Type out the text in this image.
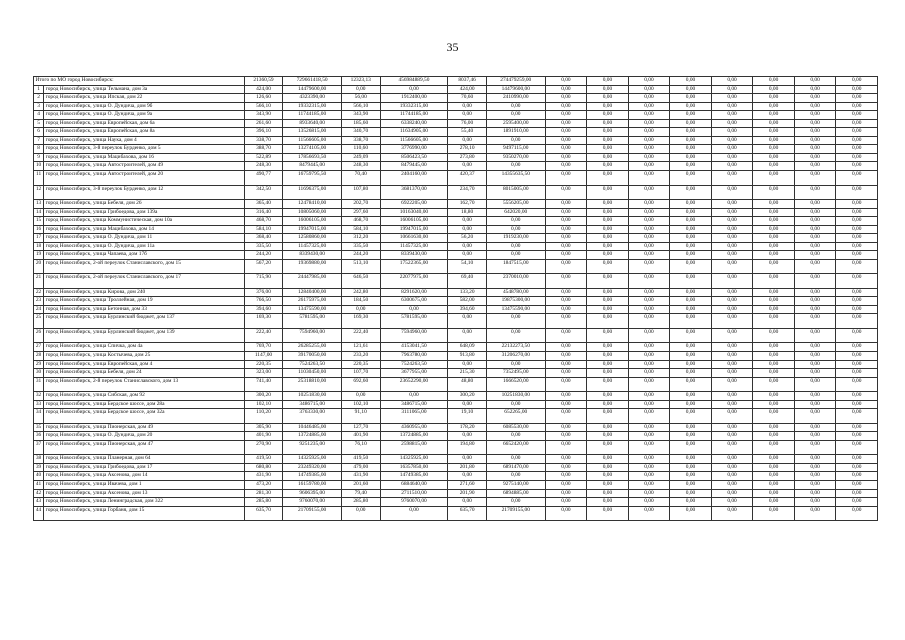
35
Итого по МО город Новосибирск:		21360,59	729661418,50	12323,13	456984889,50	8037,46	274479259,00	0,00	0,00	0,00	0,00	0,00	0,00	0,00	0,00
1	город Новосибирск, улица Тельмана, дом 3а	424,00	14479600,00	0,00	0,00	424,00	14479600,00	0,00	0,00	0,00	0,00	0,00	0,00	0,00	0,00
2	город Новосибирск, улица Ипская, дом 22	126,60	4323390,00	56,00	1912400,00	70,60	2410990,00	0,00	0,00	0,00	0,00	0,00	0,00	0,00	0,00
3	город Новосибирск, улица О. Дундича, дом 9б	566,10	19332315,00	566,10	19332315,00	0,00	0,00	0,00	0,00	0,00	0,00	0,00	0,00	0,00	0,00
4	город Новосибирск, улица О. Дундича, дом 9а	343,90	11744185,00	343,90	11744185,00	0,00	0,00	0,00	0,00	0,00	0,00	0,00	0,00	0,00	0,00
5	город Новосибирск, улица Европейская, дом 6а	261,60	8933640,00	185,60	6338240,00	76,00	2595400,00	0,00	0,00	0,00	0,00	0,00	0,00	0,00	0,00
6	город Новосибирск, улица Европейская, дом 8а	396,10	13526815,00	340,70	11634905,00	55,40	1891910,00	0,00	0,00	0,00	0,00	0,00	0,00	0,00	0,00
7	город Новосибирск, улица Наука, дом 4	338,70	11566605,00	338,70	11566605,00	0,00	0,00	0,00	0,00	0,00	0,00	0,00	0,00	0,00	0,00
8	город Новосибирск, 3-й переулок Бурденко, дом 5	388,70	13274105,00	110,60	3776990,00	278,10	9497115,00	0,00	0,00	0,00	0,00	0,00	0,00	0,00	0,00
9	город Новосибирск, улица Мацибахова, дом 16	522,89	17856693,50	249,09	8506423,50	273,80	9350270,00	0,00	0,00	0,00	0,00	0,00	0,00	0,00	0,00
10	город Новосибирск, улица Автостроителей, дом 49	248,30	8479445,00	248,30	8479445,00	0,00	0,00	0,00	0,00	0,00	0,00	0,00	0,00	0,00	0,00
11	город Новосибирск, улица Автостроителей, дом 20	490,77	16759795,50	70,40	2404160,00	420,37	14355635,50	0,00	0,00	0,00	0,00	0,00	0,00	0,00	0,00
12	город Новосибирск, 3-й переулок Бурденко, дом 12	342,50	11696375,00	107,80	3681370,00	234,70	8015005,00	0,00	0,00	0,00	0,00	0,00	0,00	0,00	0,00
13	город Новосибирск, улица Бебеля, дом 26	365,40	12478410,00	202,70	6922205,00	162,70	5556205,00	0,00	0,00	0,00	0,00	0,00	0,00	0,00	0,00
14	город Новосибирск, улица Грибоедова, дом 139а	316,40	10805060,00	297,60	10163040,00	18,80	642020,00	0,00	0,00	0,00	0,00	0,00	0,00	0,00	0,00
15	город Новосибирск, улица Коммунистическая, дом 10а	468,70	16006105,00	468,70	16006105,00	0,00	0,00	0,00	0,00	0,00	0,00	0,00	0,00	0,00	0,00
16	город Новосибирск, улица Мацибахова, дом 14	584,10	19947015,00	584,10	19947015,00	0,00	0,00	0,00	0,00	0,00	0,00	0,00	0,00	0,00	0,00
17	город Новосибирск, улица О. Дундича, дом 11	368,40	12580860,00	312,20	10661630,00	56,20	1919230,00	0,00	0,00	0,00	0,00	0,00	0,00	0,00	0,00
18	город Новосибирск, улица О. Дундича, дом 11а	335,50	11457325,00	335,50	11457325,00	0,00	0,00	0,00	0,00	0,00	0,00	0,00	0,00	0,00	0,00
19	город Новосибирск, улица Чапаева, дом 17б	244,20	8339430,00	244,20	8339430,00	0,00	0,00	0,00	0,00	0,00	0,00	0,00	0,00	0,00	0,00
20	город Новосибирск, 2-ой переулок Станиславского, дом 15	567,20	19369880,00	513,10	17522365,00	54,10	1847515,00	0,00	0,00	0,00	0,00	0,00	0,00	0,00	0,00
21	город Новосибирск, 2-ой переулок Станиславского, дом 17	715,90	24447985,00	646,50	22077975,00	69,40	2370010,00	0,00	0,00	0,00	0,00	0,00	0,00	0,00	0,00
22	город Новосибирск, улица Кирова, дом 240	376,00	12840400,00	242,80	8291620,00	133,20	4548780,00	0,00	0,00	0,00	0,00	0,00	0,00	0,00	0,00
23	город Новосибирск, улица Троллейная, дом 19	766,50	26175975,00	184,50	6300675,00	582,00	19875300,00	0,00	0,00	0,00	0,00	0,00	0,00	0,00	0,00
24	город Новосибирск, улица Бетонная, дом 33	394,60	13475590,00	0,00	0,00	394,60	13475590,00	0,00	0,00	0,00	0,00	0,00	0,00	0,00	0,00
25	город Новосибирск, улица Бурлинский бюджет, дом 137	169,30	5781595,00	169,30	5781595,00	0,00	0,00	0,00	0,00	0,00	0,00	0,00	0,00	0,00	0,00
26	город Новосибирск, улица Бурлинский бюджет, дом 139	222,40	7594960,00	222,40	7594960,00	0,00	0,00	0,00	0,00	0,00	0,00	0,00	0,00	0,00	0,00
27	город Новосибирск, улица Спичка, дом 4а	769,70	26285255,00	121,61	4153041,50	648,09	22132273,50	0,00	0,00	0,00	0,00	0,00	0,00	0,00	0,00
28	город Новосибирск, улица Костычева, дом 25	1147,00	39170050,00	233,20	7963780,00	913,80	31206270,00	0,00	0,00	0,00	0,00	0,00	0,00	0,00	0,00
29	город Новосибирск, улица Европейская, дом 4	220,35	7524263,50	220,35	7524263,50	0,00	0,00	0,00	0,00	0,00	0,00	0,00	0,00	0,00	0,00
30	город Новосибирск, улица Бебеля, дом 24	323,00	11030450,00	107,70	3677955,00	215,30	7352495,00	0,00	0,00	0,00	0,00	0,00	0,00	0,00	0,00
31	город Новосибирск, 2-й переулок Станиславского, дом 13	741,40	25318810,00	692,60	23652290,00	48,80	1666520,00	0,00	0,00	0,00	0,00	0,00	0,00	0,00	0,00
32	город Новосибирск, улица Сибская, дом 92	300,20	10251830,00	0,00	0,00	300,20	10251830,00	0,00	0,00	0,00	0,00	0,00	0,00	0,00	0,00
33	город Новосибирск, улица Бердское шоссе, дом 28а	102,10	3486715,00	102,10	3486715,00	0,00	0,00	0,00	0,00	0,00	0,00	0,00	0,00	0,00	0,00
34	город Новосибирск, улица Бердское шоссе, дом 32а	110,20	3763330,00	91,10	3111065,00	19,10	652265,00	0,00	0,00	0,00	0,00	0,00	0,00	0,00	0,00
35	город Новосибирск, улица Пионерская, дом 49	305,90	10446485,00	127,70	4360955,00	178,20	6085530,00	0,00	0,00	0,00	0,00	0,00	0,00	0,00	0,00
36	город Новосибирск, улица О. Дундича, дом 20	401,90	13724885,00	401,90	13724885,00	0,00	0,00	0,00	0,00	0,00	0,00	0,00	0,00	0,00	0,00
37	город Новосибирск, улица Пионерская, дом 47	270,90	9251235,00	76,10	2598815,00	194,80	6652420,00	0,00	0,00	0,00	0,00	0,00	0,00	0,00	0,00
38	город Новосибирск, улица Планерная, дом 64	419,50	14325925,00	419,50	14325925,00	0,00	0,00	0,00	0,00	0,00	0,00	0,00	0,00	0,00	0,00
39	город Новосибирск, улица Грибоедова, дом 17	680,80	23249320,00	479,00	16357850,00	201,80	6891470,00	0,00	0,00	0,00	0,00	0,00	0,00	0,00	0,00
40	город Новосибирск, улица Аксенова, дом 14	431,90	14749385,00	431,90	14749385,00	0,00	0,00	0,00	0,00	0,00	0,00	0,00	0,00	0,00	0,00
41	город Новосибирск, улица Ивачева, дом 1	473,20	16159780,00	201,60	6884640,00	271,60	9275140,00	0,00	0,00	0,00	0,00	0,00	0,00	0,00	0,00
42	город Новосибирск, улица Аксенова, дом 13	281,30	9606395,00	79,40	2711510,00	201,90	6894885,00	0,00	0,00	0,00	0,00	0,00	0,00	0,00	0,00
43	город Новосибирск, улица Ленинградская, дом 322	285,80	9760070,00	285,80	9760070,00	0,00	0,00	0,00	0,00	0,00	0,00	0,00	0,00	0,00	0,00
44	город Новосибирск, улица Горбаня, дом 15	635,70	21709155,00	0,00	0,00	635,70	21709155,00	0,00	0,00	0,00	0,00	0,00	0,00	0,00	0,00
